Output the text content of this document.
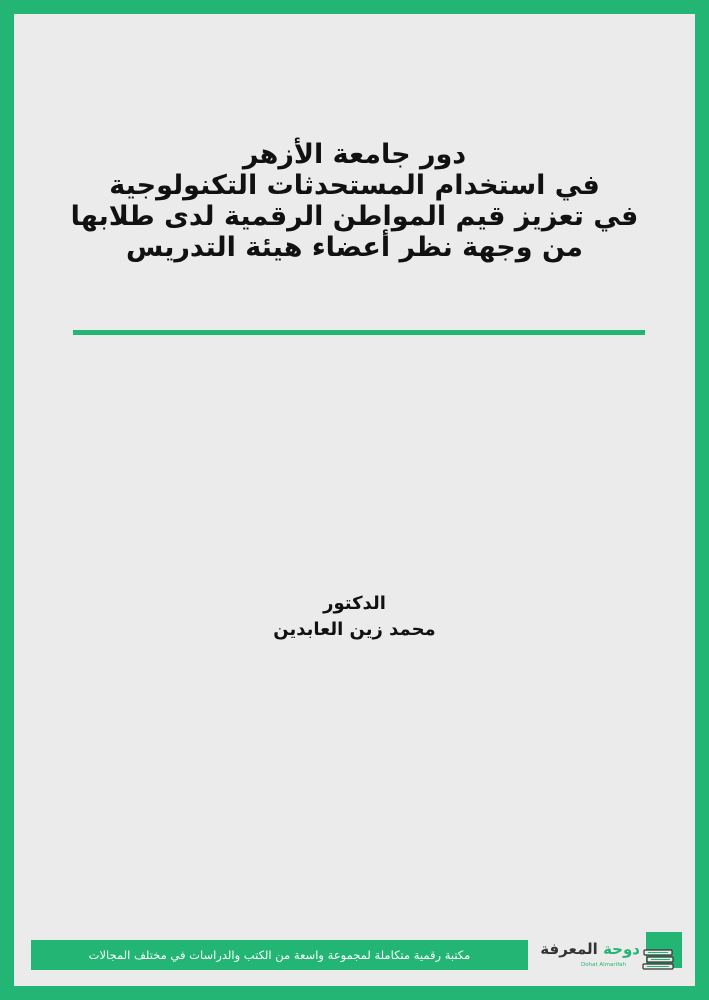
دور جامعة الأزهر
في استخدام المستحدثات التكنولوجية
في تعزيز قيم المواطن الرقمية لدى طلابها
من وجهة نظر أعضاء هيئة التدريس
الدكتور
محمد زين العابدين
مكتبة رقمية متكاملة لمجموعة واسعة من الكتب والدراسات في مختلف المجالات	دوحة المعرفة
Dohat Almarifah
